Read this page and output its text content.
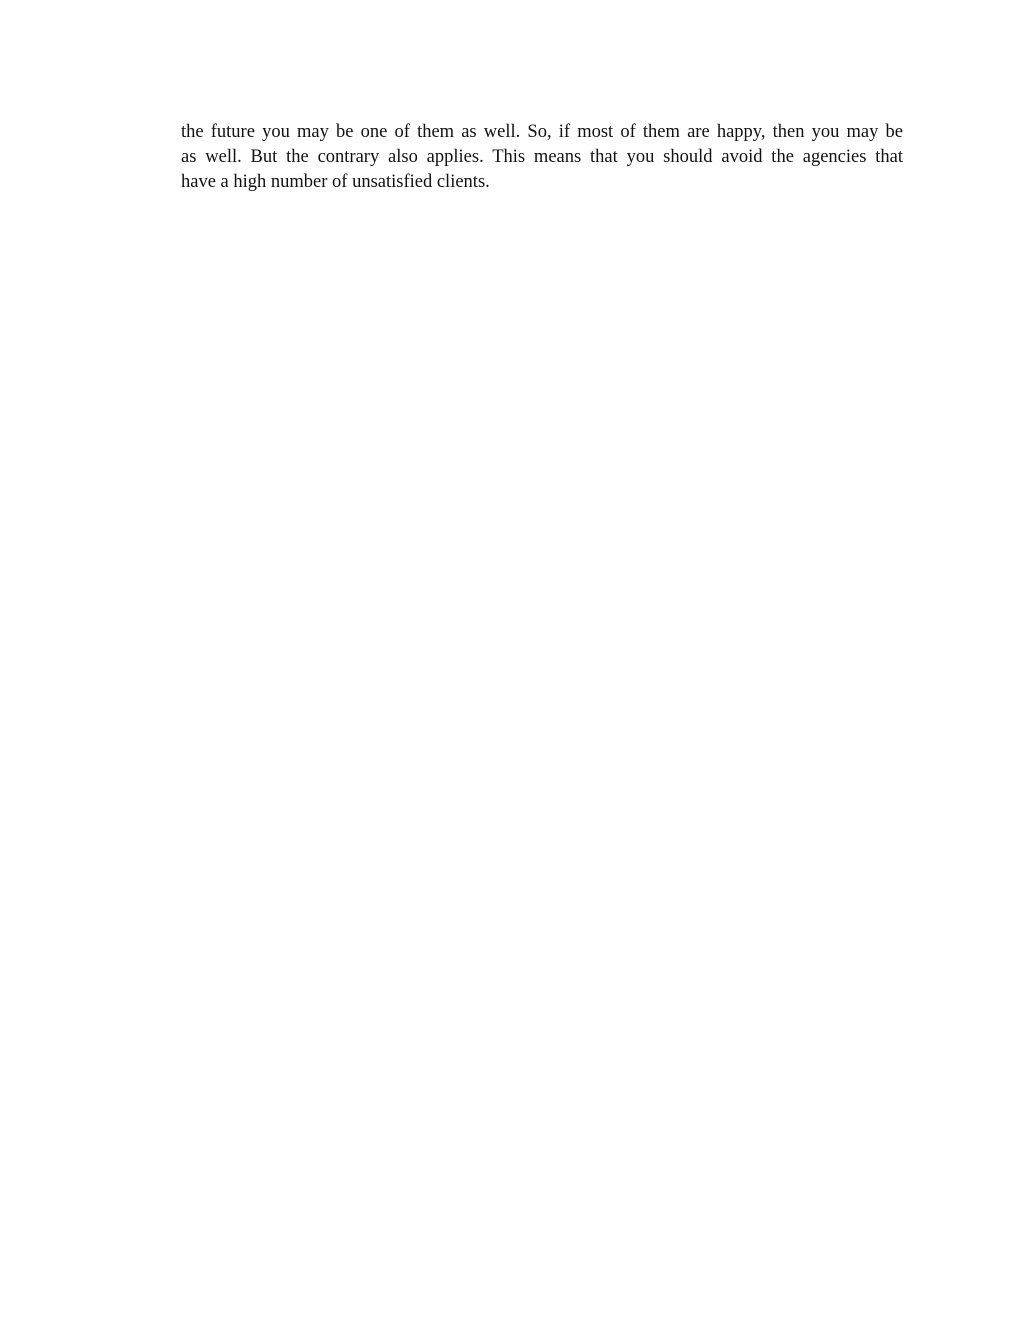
the future you may be one of them as well. So, if most of them are happy, then you may be
as well. But the contrary also applies. This means that you should avoid the agencies that
have a high number of unsatisfied clients.
